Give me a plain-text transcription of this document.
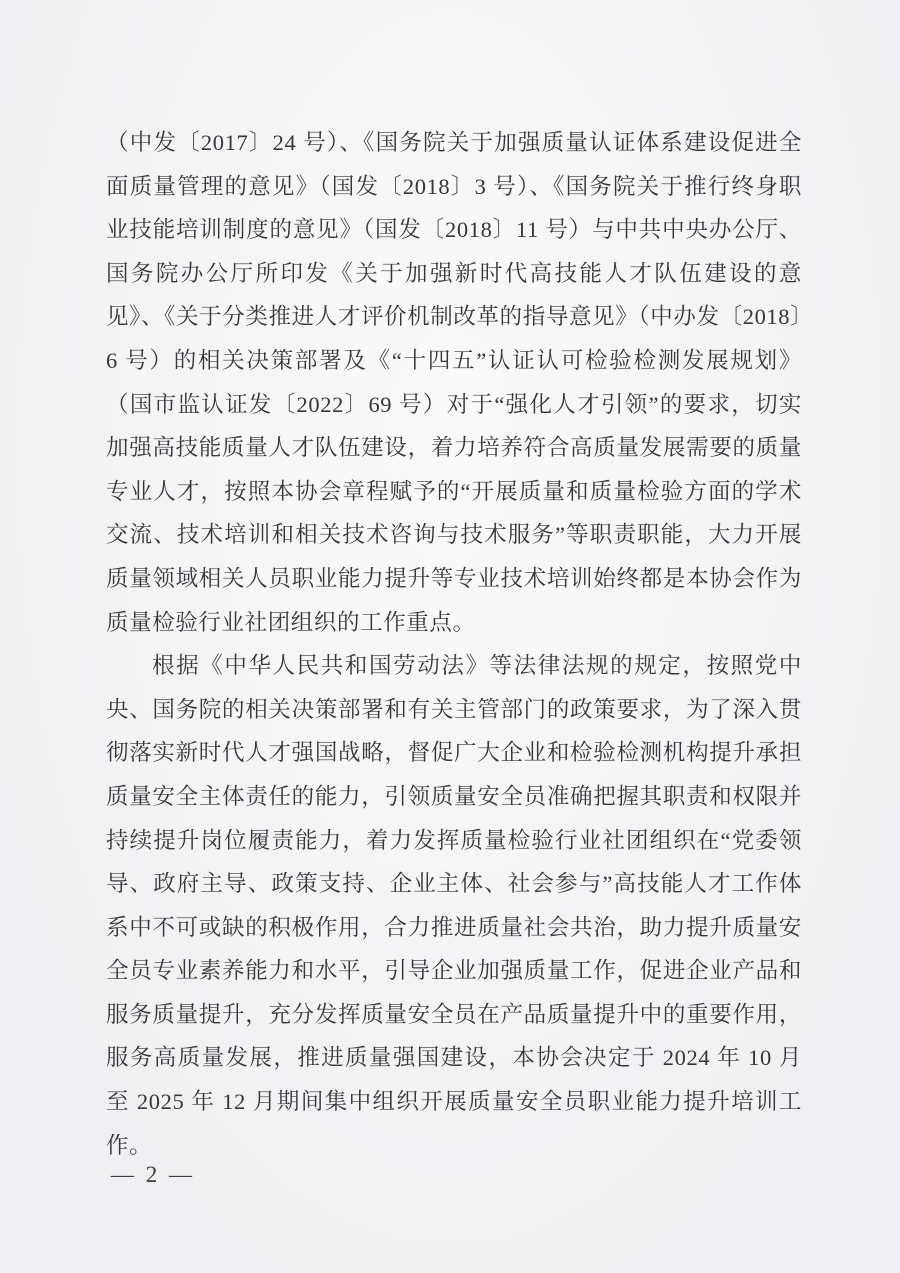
（中发〔2017〕24 号）、《国务院关于加强质量认证体系建设促进全面质量管理的意见》（国发〔2018〕3 号）、《国务院关于推行终身职业技能培训制度的意见》（国发〔2018〕11 号）与中共中央办公厅、国务院办公厅所印发《关于加强新时代高技能人才队伍建设的意见》、《关于分类推进人才评价机制改革的指导意见》（中办发〔2018〕6 号）的相关决策部署及《“十四五”认证认可检验检测发展规划》（国市监认证发〔2022〕69 号）对于“强化人才引领”的要求，切实加强高技能质量人才队伍建设，着力培养符合高质量发展需要的质量专业人才，按照本协会章程赋予的“开展质量和质量检验方面的学术交流、技术培训和相关技术咨询与技术服务”等职责职能，大力开展质量领域相关人员职业能力提升等专业技术培训始终都是本协会作为质量检验行业社团组织的工作重点。

根据《中华人民共和国劳动法》等法律法规的规定，按照党中央、国务院的相关决策部署和有关主管部门的政策要求，为了深入贯彻落实新时代人才强国战略，督促广大企业和检验检测机构提升承担质量安全主体责任的能力，引领质量安全员准确把握其职责和权限并持续提升岗位履责能力，着力发挥质量检验行业社团组织在“党委领导、政府主导、政策支持、企业主体、社会参与”高技能人才工作体系中不可或缺的积极作用，合力推进质量社会共治，助力提升质量安全员专业素养能力和水平，引导企业加强质量工作，促进企业产品和服务质量提升，充分发挥质量安全员在产品质量提升中的重要作用，服务高质量发展，推进质量强国建设，本协会决定于 2024 年 10 月至 2025 年 12 月期间集中组织开展质量安全员职业能力提升培训工作。

— 2 —
